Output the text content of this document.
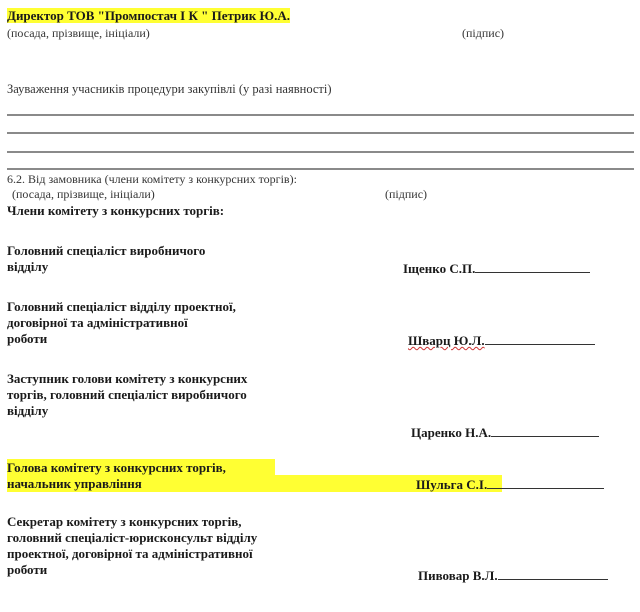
Директор ТОВ "Промпостач І К " Петрик Ю.А.
(посада, прізвище, ініціали)	(підпис)
Зауваження учасників процедури закупівлі (у разі наявності)
6.2. Від замовника (члени комітету з конкурсних торгів):
(посада, прізвище, ініціали)	(підпис)
Члени комітету з конкурсних торгів:
Головний спеціаліст виробничого
відділу	Іщенко С.П.
Головний спеціаліст відділу проектної,
договірної та адміністративної
роботи	Шварц Ю.Л.
Заступник голови комітету з конкурсних
торгів, головний спеціаліст виробничого
відділу
Царенко Н.А.
Голова комітету з конкурсних торгів,
начальник управління	Шульга С.І.
Секретар комітету з конкурсних торгів,
головний спеціаліст-юрисконсульт відділу
проектної, договірної та адміністративної
роботи	Пивовар В.Л.
